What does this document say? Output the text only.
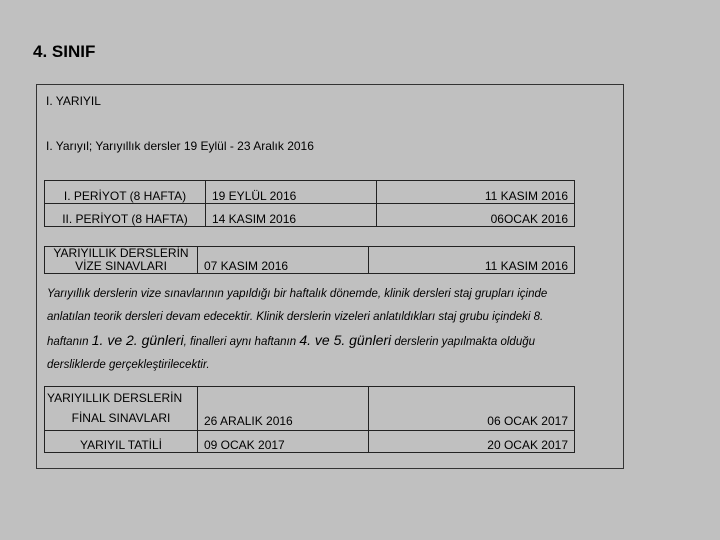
4. SINIF
I. YARIYIL
I. Yarıyıl; Yarıyıllık dersler 19 Eylül - 23 Aralık 2016
I. PERİYOT (8 HAFTA)	19 EYLÜL 2016	11 KASIM 2016
II. PERİYOT (8 HAFTA)	14 KASIM 2016	06OCAK 2016
YARIYILLIK DERSLERİN
VİZE SINAVLARI	07 KASIM 2016	11 KASIM 2016
Yarıyıllık derslerin vize sınavlarının yapıldığı bir haftalık dönemde, klinik dersleri staj grupları içinde anlatılan teorik dersleri devam edecektir. Klinik derslerin vizeleri anlatıldıkları staj grubu içindeki 8. haftanın 1. ve 2. günleri, finalleri aynı haftanın 4. ve 5. günleri derslerin yapılmakta olduğu dersliklerde gerçekleştirilecektir.
YARIYILLIK DERSLERİN
FİNAL SINAVLARI	26 ARALIK 2016	06 OCAK 2017
YARIYIL TATİLİ	09 OCAK 2017	20 OCAK 2017
